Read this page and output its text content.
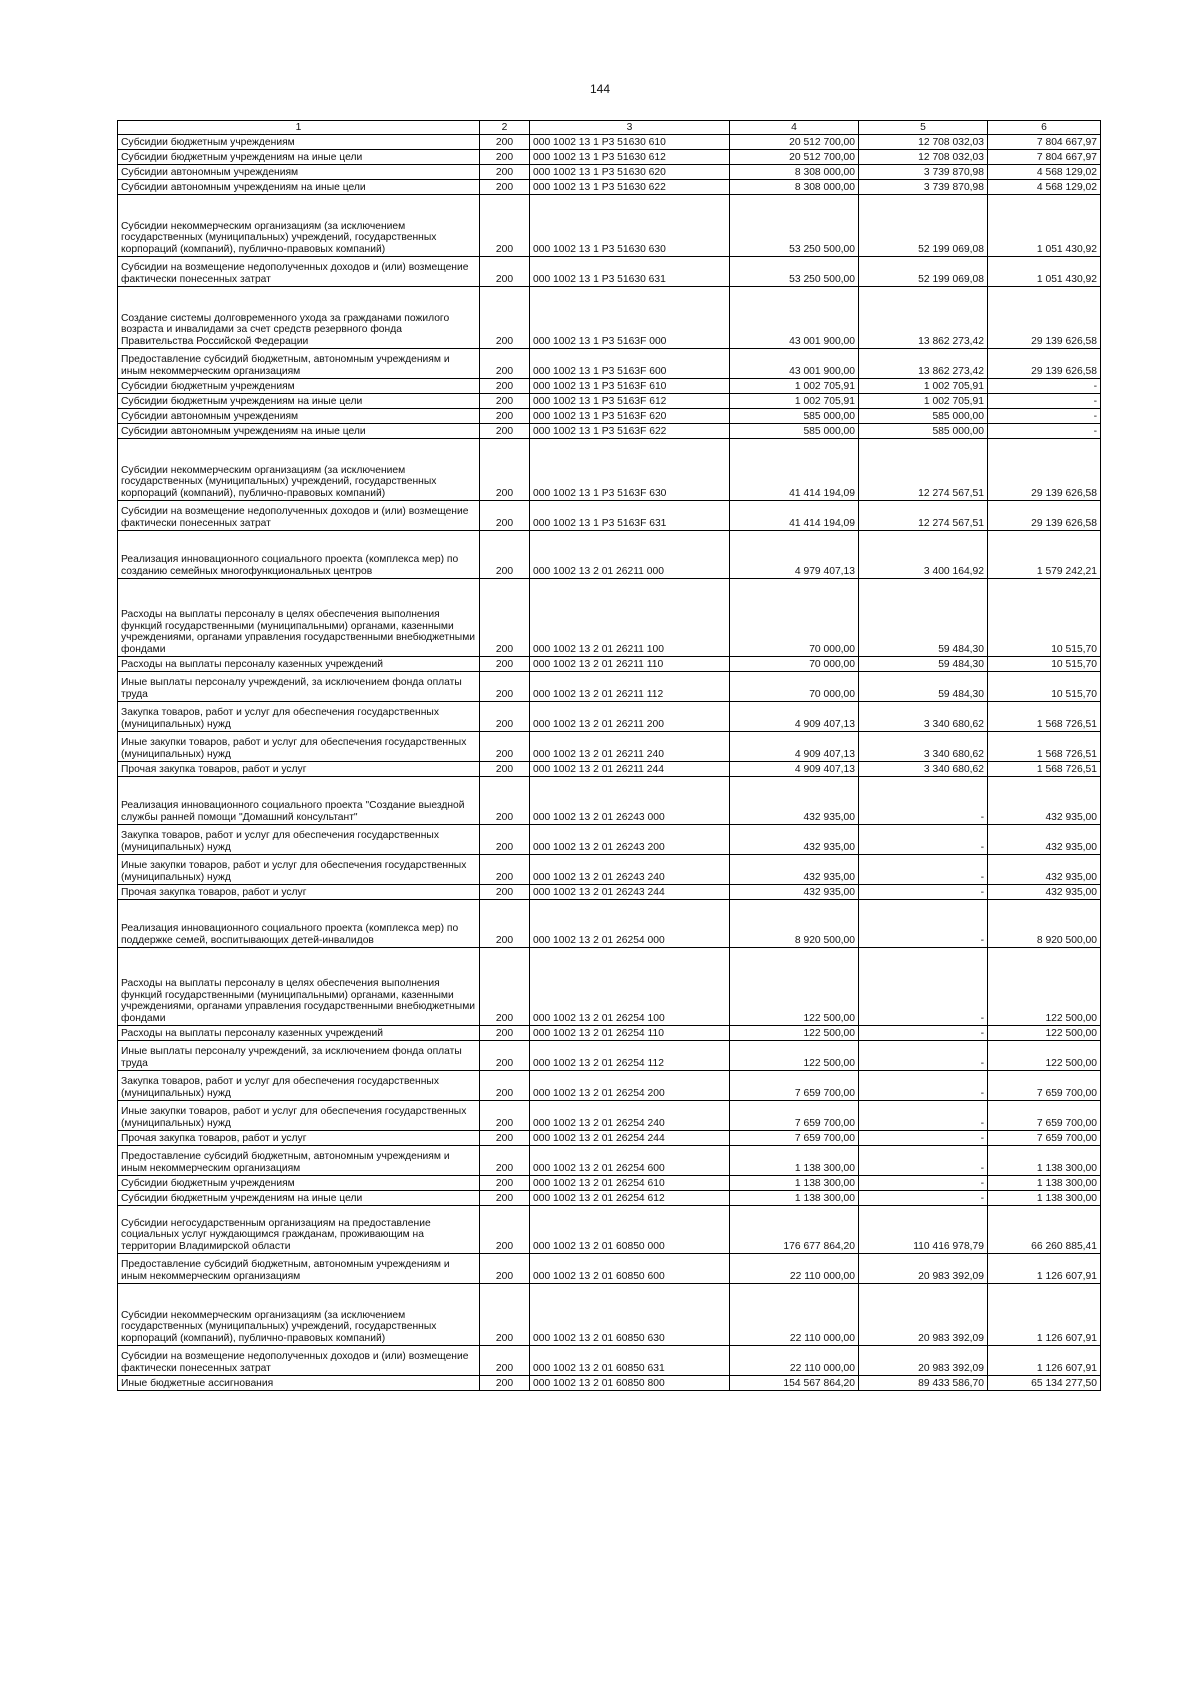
144
1	2	3	4	5	6
Субсидии бюджетным учреждениям	200	000 1002 13 1 Р3 51630 610	20 512 700,00	12 708 032,03	7 804 667,97
Субсидии бюджетным учреждениям на иные цели	200	000 1002 13 1 Р3 51630 612	20 512 700,00	12 708 032,03	7 804 667,97
Субсидии автономным учреждениям	200	000 1002 13 1 Р3 51630 620	8 308 000,00	3 739 870,98	4 568 129,02
Субсидии автономным учреждениям на иные цели	200	000 1002 13 1 Р3 51630 622	8 308 000,00	3 739 870,98	4 568 129,02
Субсидии некоммерческим организациям (за исключением государственных (муниципальных) учреждений, государственных корпораций (компаний), публично-правовых компаний)	200	000 1002 13 1 Р3 51630 630	53 250 500,00	52 199 069,08	1 051 430,92
Субсидии на возмещение недополученных доходов и (или) возмещение фактически понесенных затрат	200	000 1002 13 1 Р3 51630 631	53 250 500,00	52 199 069,08	1 051 430,92
Создание системы долговременного ухода за гражданами пожилого возраста и инвалидами за счет средств резервного фонда Правительства Российской Федерации	200	000 1002 13 1 Р3 5163F 000	43 001 900,00	13 862 273,42	29 139 626,58
Предоставление субсидий бюджетным, автономным учреждениям и иным некоммерческим организациям	200	000 1002 13 1 Р3 5163F 600	43 001 900,00	13 862 273,42	29 139 626,58
Субсидии бюджетным учреждениям	200	000 1002 13 1 Р3 5163F 610	1 002 705,91	1 002 705,91	-
Субсидии бюджетным учреждениям на иные цели	200	000 1002 13 1 Р3 5163F 612	1 002 705,91	1 002 705,91	-
Субсидии автономным учреждениям	200	000 1002 13 1 Р3 5163F 620	585 000,00	585 000,00	-
Субсидии автономным учреждениям на иные цели	200	000 1002 13 1 Р3 5163F 622	585 000,00	585 000,00	-
Субсидии некоммерческим организациям (за исключением государственных (муниципальных) учреждений, государственных корпораций (компаний), публично-правовых компаний)	200	000 1002 13 1 Р3 5163F 630	41 414 194,09	12 274 567,51	29 139 626,58
Субсидии на возмещение недополученных доходов и (или) возмещение фактически понесенных затрат	200	000 1002 13 1 Р3 5163F 631	41 414 194,09	12 274 567,51	29 139 626,58
Реализация инновационного социального проекта (комплекса мер) по созданию семейных многофункциональных центров	200	000 1002 13 2 01 26211 000	4 979 407,13	3 400 164,92	1 579 242,21
Расходы на выплаты персоналу в целях обеспечения выполнения функций государственными (муниципальными) органами, казенными учреждениями, органами управления государственными внебюджетными фондами	200	000 1002 13 2 01 26211 100	70 000,00	59 484,30	10 515,70
Расходы на выплаты персоналу казенных учреждений	200	000 1002 13 2 01 26211 110	70 000,00	59 484,30	10 515,70
Иные выплаты персоналу учреждений, за исключением фонда оплаты труда	200	000 1002 13 2 01 26211 112	70 000,00	59 484,30	10 515,70
Закупка товаров, работ и услуг для обеспечения государственных (муниципальных) нужд	200	000 1002 13 2 01 26211 200	4 909 407,13	3 340 680,62	1 568 726,51
Иные закупки товаров, работ и услуг для обеспечения государственных (муниципальных) нужд	200	000 1002 13 2 01 26211 240	4 909 407,13	3 340 680,62	1 568 726,51
Прочая закупка товаров, работ и услуг	200	000 1002 13 2 01 26211 244	4 909 407,13	3 340 680,62	1 568 726,51
Реализация инновационного социального проекта "Создание выездной службы ранней помощи "Домашний консультант"	200	000 1002 13 2 01 26243 000	432 935,00	-	432 935,00
Закупка товаров, работ и услуг для обеспечения государственных (муниципальных) нужд	200	000 1002 13 2 01 26243 200	432 935,00	-	432 935,00
Иные закупки товаров, работ и услуг для обеспечения государственных (муниципальных) нужд	200	000 1002 13 2 01 26243 240	432 935,00	-	432 935,00
Прочая закупка товаров, работ и услуг	200	000 1002 13 2 01 26243 244	432 935,00	-	432 935,00
Реализация инновационного социального проекта (комплекса мер) по поддержке семей, воспитывающих детей-инвалидов	200	000 1002 13 2 01 26254 000	8 920 500,00	-	8 920 500,00
Расходы на выплаты персоналу в целях обеспечения выполнения функций государственными (муниципальными) органами, казенными учреждениями, органами управления государственными внебюджетными фондами	200	000 1002 13 2 01 26254 100	122 500,00	-	122 500,00
Расходы на выплаты персоналу казенных учреждений	200	000 1002 13 2 01 26254 110	122 500,00	-	122 500,00
Иные выплаты персоналу учреждений, за исключением фонда оплаты труда	200	000 1002 13 2 01 26254 112	122 500,00	-	122 500,00
Закупка товаров, работ и услуг для обеспечения государственных (муниципальных) нужд	200	000 1002 13 2 01 26254 200	7 659 700,00	-	7 659 700,00
Иные закупки товаров, работ и услуг для обеспечения государственных (муниципальных) нужд	200	000 1002 13 2 01 26254 240	7 659 700,00	-	7 659 700,00
Прочая закупка товаров, работ и услуг	200	000 1002 13 2 01 26254 244	7 659 700,00	-	7 659 700,00
Предоставление субсидий бюджетным, автономным учреждениям и иным некоммерческим организациям	200	000 1002 13 2 01 26254 600	1 138 300,00	-	1 138 300,00
Субсидии бюджетным учреждениям	200	000 1002 13 2 01 26254 610	1 138 300,00	-	1 138 300,00
Субсидии бюджетным учреждениям на иные цели	200	000 1002 13 2 01 26254 612	1 138 300,00	-	1 138 300,00
Субсидии негосударственным организациям на предоставление социальных услуг нуждающимся гражданам, проживающим на территории Владимирской области	200	000 1002 13 2 01 60850 000	176 677 864,20	110 416 978,79	66 260 885,41
Предоставление субсидий бюджетным, автономным учреждениям и иным некоммерческим организациям	200	000 1002 13 2 01 60850 600	22 110 000,00	20 983 392,09	1 126 607,91
Субсидии некоммерческим организациям (за исключением государственных (муниципальных) учреждений, государственных корпораций (компаний), публично-правовых компаний)	200	000 1002 13 2 01 60850 630	22 110 000,00	20 983 392,09	1 126 607,91
Субсидии на возмещение недополученных доходов и (или) возмещение фактически понесенных затрат	200	000 1002 13 2 01 60850 631	22 110 000,00	20 983 392,09	1 126 607,91
Иные бюджетные ассигнования	200	000 1002 13 2 01 60850 800	154 567 864,20	89 433 586,70	65 134 277,50
